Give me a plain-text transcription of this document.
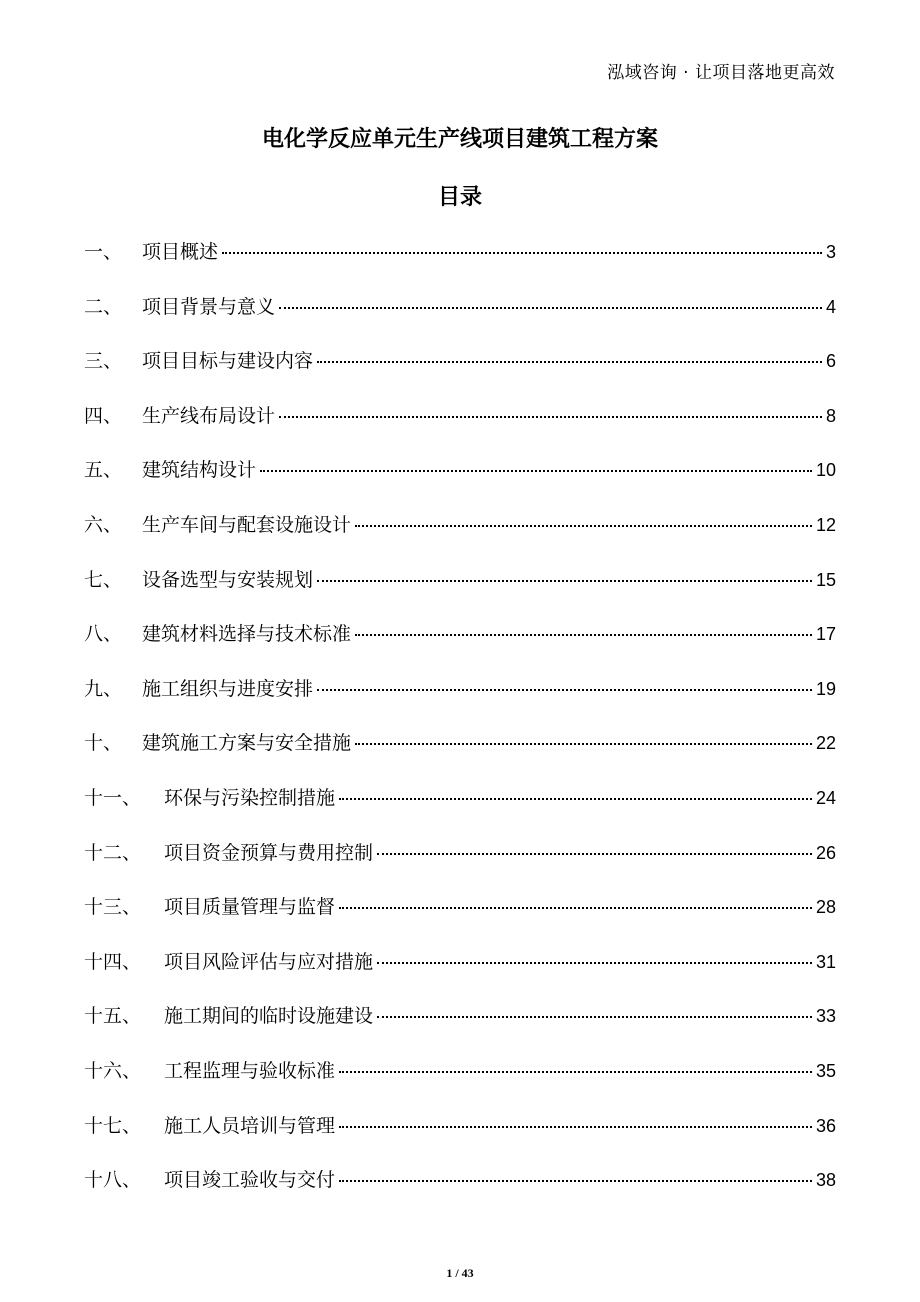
泓域咨询 · 让项目落地更高效
电化学反应单元生产线项目建筑工程方案
目录
一、	项目概述	3
二、	项目背景与意义	4
三、	项目目标与建设内容	6
四、	生产线布局设计	8
五、	建筑结构设计	10
六、	生产车间与配套设施设计	12
七、	设备选型与安装规划	15
八、	建筑材料选择与技术标准	17
九、	施工组织与进度安排	19
十、	建筑施工方案与安全措施	22
十一、	环保与污染控制措施	24
十二、	项目资金预算与费用控制	26
十三、	项目质量管理与监督	28
十四、	项目风险评估与应对措施	31
十五、	施工期间的临时设施建设	33
十六、	工程监理与验收标准	35
十七、	施工人员培训与管理	36
十八、	项目竣工验收与交付	38
1 / 43
